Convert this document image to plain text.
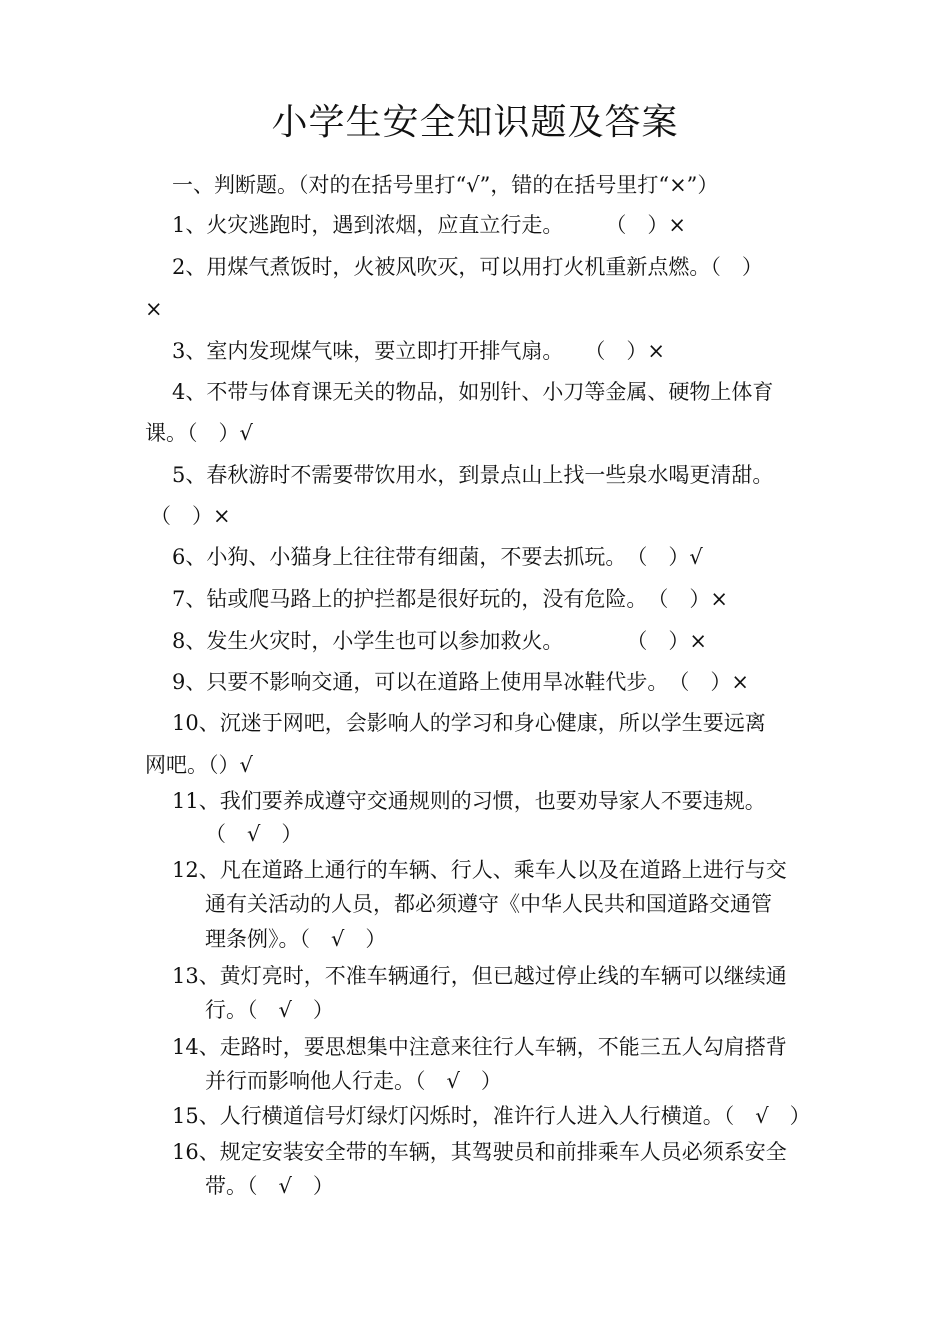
小学生安全知识题及答案
一、判断题。（对的在括号里打“√”，错的在括号里打“×”）
1、火灾逃跑时，遇到浓烟，应直立行走。　　　（　）×
2、用煤气煮饭时，火被风吹灭，可以用打火机重新点燃。（　）
×
3、室内发现煤气味，要立即打开排气扇。　　（　）×
4、不带与体育课无关的物品，如别针、小刀等金属、硬物上体育
课。（　）√
5、春秋游时不需要带饮用水，到景点山上找一些泉水喝更清甜。
（　）×
6、小狗、小猫身上往往带有细菌，不要去抓玩。　（　）√
7、钻或爬马路上的护拦都是很好玩的，没有危险。　（　）×
8、发生火灾时，小学生也可以参加救火。　　　　（　）×
9、只要不影响交通，可以在道路上使用旱冰鞋代步。　（　）×
10、沉迷于网吧，会影响人的学习和身心健康，所以学生要远离
网吧。（）√
11、我们要养成遵守交通规则的习惯，也要劝导家人不要违规。
（　√　）
12、凡在道路上通行的车辆、行人、乘车人以及在道路上进行与交
通有关活动的人员，都必须遵守《中华人民共和国道路交通管
理条例》。（　√　）
13、黄灯亮时，不准车辆通行，但已越过停止线的车辆可以继续通
行。（　√　）
14、走路时，要思想集中注意来往行人车辆，不能三五人勾肩搭背
并行而影响他人行走。（　√　）
15、人行横道信号灯绿灯闪烁时，准许行人进入人行横道。（　√　）
16、规定安装安全带的车辆，其驾驶员和前排乘车人员必须系安全
带。（　√　）
